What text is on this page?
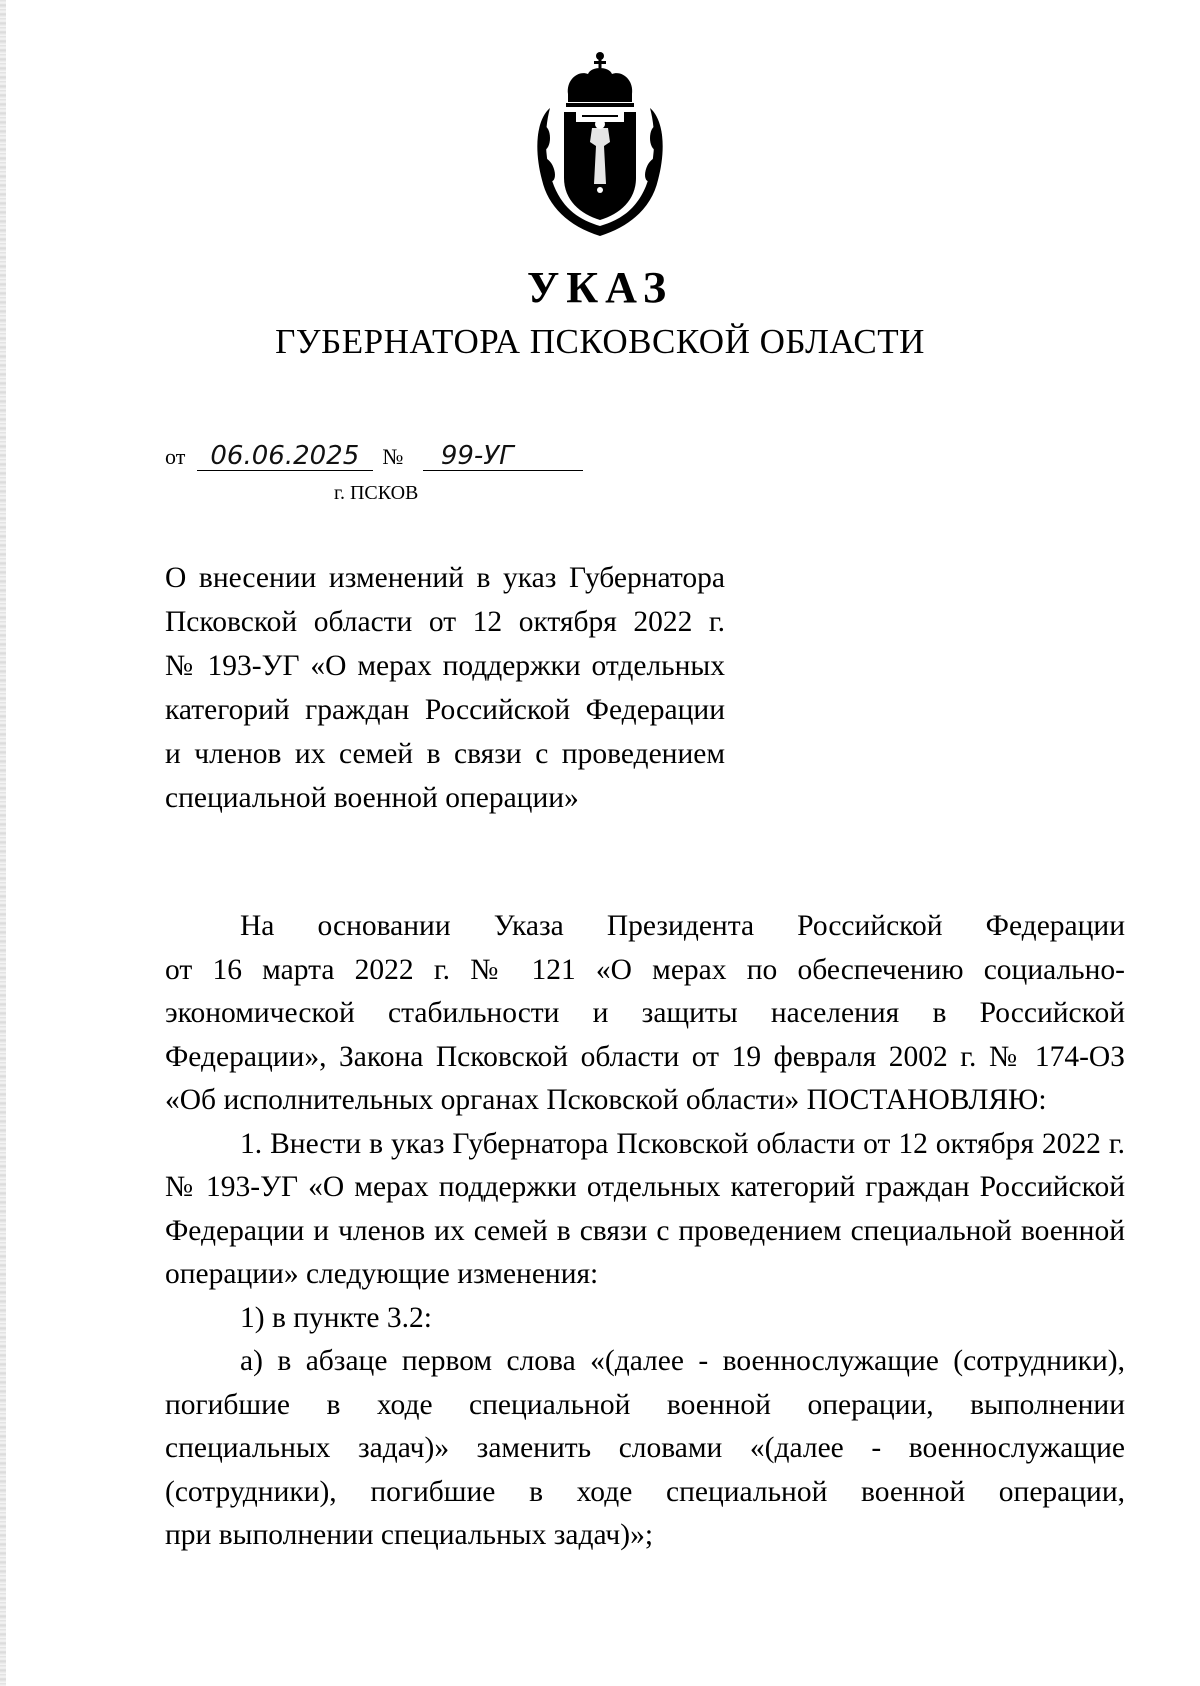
УКАЗ
ГУБЕРНАТОРА ПСКОВСКОЙ ОБЛАСТИ
от 06.06.2025 № 99-УГ
г. ПСКОВ
О внесении изменений в указ Губернатора
Псковской области от 12 октября 2022 г.
№ 193-УГ «О мерах поддержки отдельных
категорий граждан Российской Федерации
и членов их семей в связи с проведением
специальной военной операции»
На основании Указа Президента Российской Федерации
от 16 марта 2022 г. № 121 «О мерах по обеспечению социально-
экономической стабильности и защиты населения в Российской
Федерации», Закона Псковской области от 19 февраля 2002 г. № 174-ОЗ
«Об исполнительных органах Псковской области» ПОСТАНОВЛЯЮ:
1. Внести в указ Губернатора Псковской области от 12 октября 2022 г.
№ 193-УГ «О мерах поддержки отдельных категорий граждан Российской
Федерации и членов их семей в связи с проведением специальной военной
операции» следующие изменения:
1) в пункте 3.2:
а) в абзаце первом слова «(далее - военнослужащие (сотрудники),
погибшие в ходе специальной военной операции, выполнении
специальных задач)» заменить словами «(далее - военнослужащие
(сотрудники), погибшие в ходе специальной военной операции,
при выполнении специальных задач)»;
